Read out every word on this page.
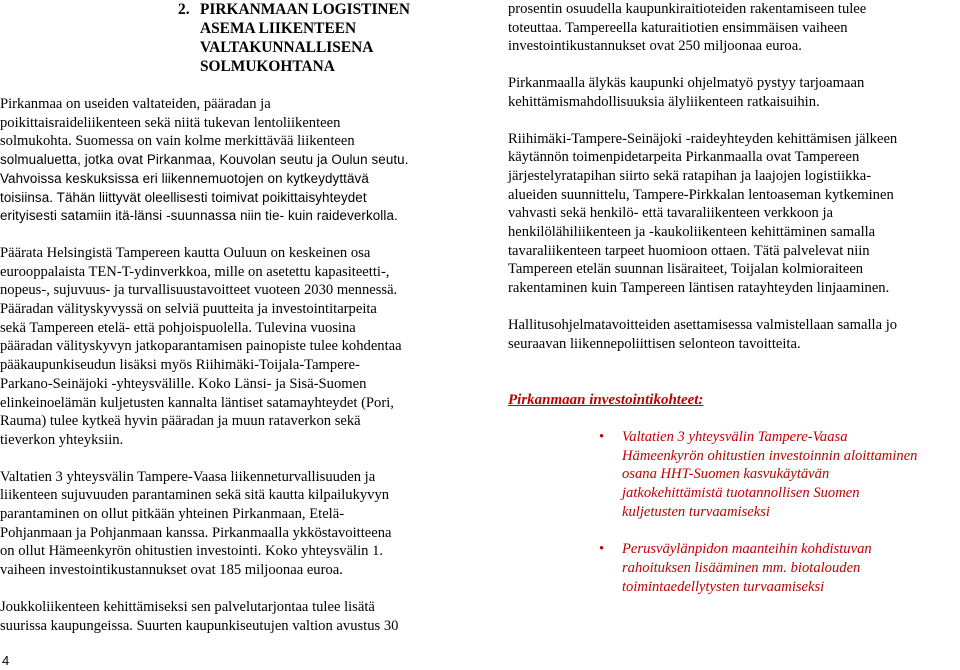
2. PIRKANMAAN LOGISTINEN
ASEMA LIIKENTEEN
VALTAKUNNALLISENA
SOLMUKOHTANA

Pirkanmaa on useiden valtateiden, pääradan ja
poikittaisraideliikenteen sekä niitä tukevan lentoliikenteen
solmukohta. Suomessa on vain kolme merkittävää liikenteen
solmualuetta, jotka ovat Pirkanmaa, Kouvolan seutu ja Oulun seutu.
Vahvoissa keskuksissa eri liikennemuotojen on kytkeydyttävä
toisiinsa. Tähän liittyvät oleellisesti toimivat poikittaisyhteydet
erityisesti satamiin itä-länsi -suunnassa niin tie- kuin raideverkolla.

Päärata Helsingistä Tampereen kautta Ouluun on keskeinen osa
eurooppalaista TEN-T-ydinverkkoa, mille on asetettu kapasiteetti-,
nopeus-, sujuvuus- ja turvallisuustavoitteet vuoteen 2030 mennessä.
Pääradan välityskyvyssä on selviä puutteita ja investointitarpeita
sekä Tampereen etelä- että pohjoispuolella. Tulevina vuosina
pääradan välityskyvyn jatkoparantamisen painopiste tulee kohdentaa
pääkaupunkiseudun lisäksi myös Riihimäki-Toijala-Tampere-
Parkano-Seinäjoki -yhteysvälille. Koko Länsi- ja Sisä-Suomen
elinkeinoelämän kuljetusten kannalta läntiset satamayhteydet (Pori,
Rauma) tulee kytkeä hyvin pääradan ja muun rataverkon sekä
tieverkon yhteyksiin.

Valtatien 3 yhteysvälin Tampere-Vaasa liikenneturvallisuuden ja
liikenteen sujuvuuden parantaminen sekä sitä kautta kilpailukyvyn
parantaminen on ollut pitkään yhteinen Pirkanmaan, Etelä-
Pohjanmaan ja Pohjanmaan kanssa. Pirkanmaalla ykköstavoitteena
on ollut Hämeenkyrön ohitustien investointi. Koko yhteysvälin 1.
vaiheen investointikustannukset ovat 185 miljoonaa euroa.

Joukkoliikenteen kehittämiseksi sen palvelutarjontaa tulee lisätä
suurissa kaupungeissa. Suurten kaupunkiseutujen valtion avustus 30

prosentin osuudella kaupunkiraitioteiden rakentamiseen tulee
toteuttaa. Tampereella katuraitiotien ensimmäisen vaiheen
investointikustannukset ovat 250 miljoonaa euroa.

Pirkanmaalla älykäs kaupunki ohjelmatyö pystyy tarjoamaan
kehittämismahdollisuuksia älyliikenteen ratkaisuihin.

Riihimäki-Tampere-Seinäjoki -raideyhteyden kehittämisen jälkeen
käytännön toimenpidetarpeita Pirkanmaalla ovat Tampereen
järjestelyratapihan siirto sekä ratapihan ja laajojen logistiikka-
alueiden suunnittelu, Tampere-Pirkkalan lentoaseman kytkeminen
vahvasti sekä henkilö- että tavaraliikenteen verkkoon ja
henkilölähiliikenteen ja -kaukoliikenteen kehittäminen samalla
tavaraliikenteen tarpeet huomioon ottaen. Tätä palvelevat niin
Tampereen etelän suunnan lisäraiteet, Toijalan kolmioraiteen
rakentaminen kuin Tampereen läntisen ratayhteyden linjaaminen.

Hallitusohjelmatavoitteiden asettamisessa valmistellaan samalla jo
seuraavan liikennepoliittisen selonteon tavoitteita.

Pirkanmaan investointikohteet:

• Valtatien 3 yhteysvälin Tampere-Vaasa
Hämeenkyrön ohitustien investoinnin aloittaminen
osana HHT-Suomen kasvukäytävän
jatkokehittämistä tuotannollisen Suomen
kuljetusten turvaamiseksi
• Perusväylänpidon maanteihin kohdistuvan
rahoituksen lisääminen mm. biotalouden
toimintaedellytysten turvaamiseksi
4
